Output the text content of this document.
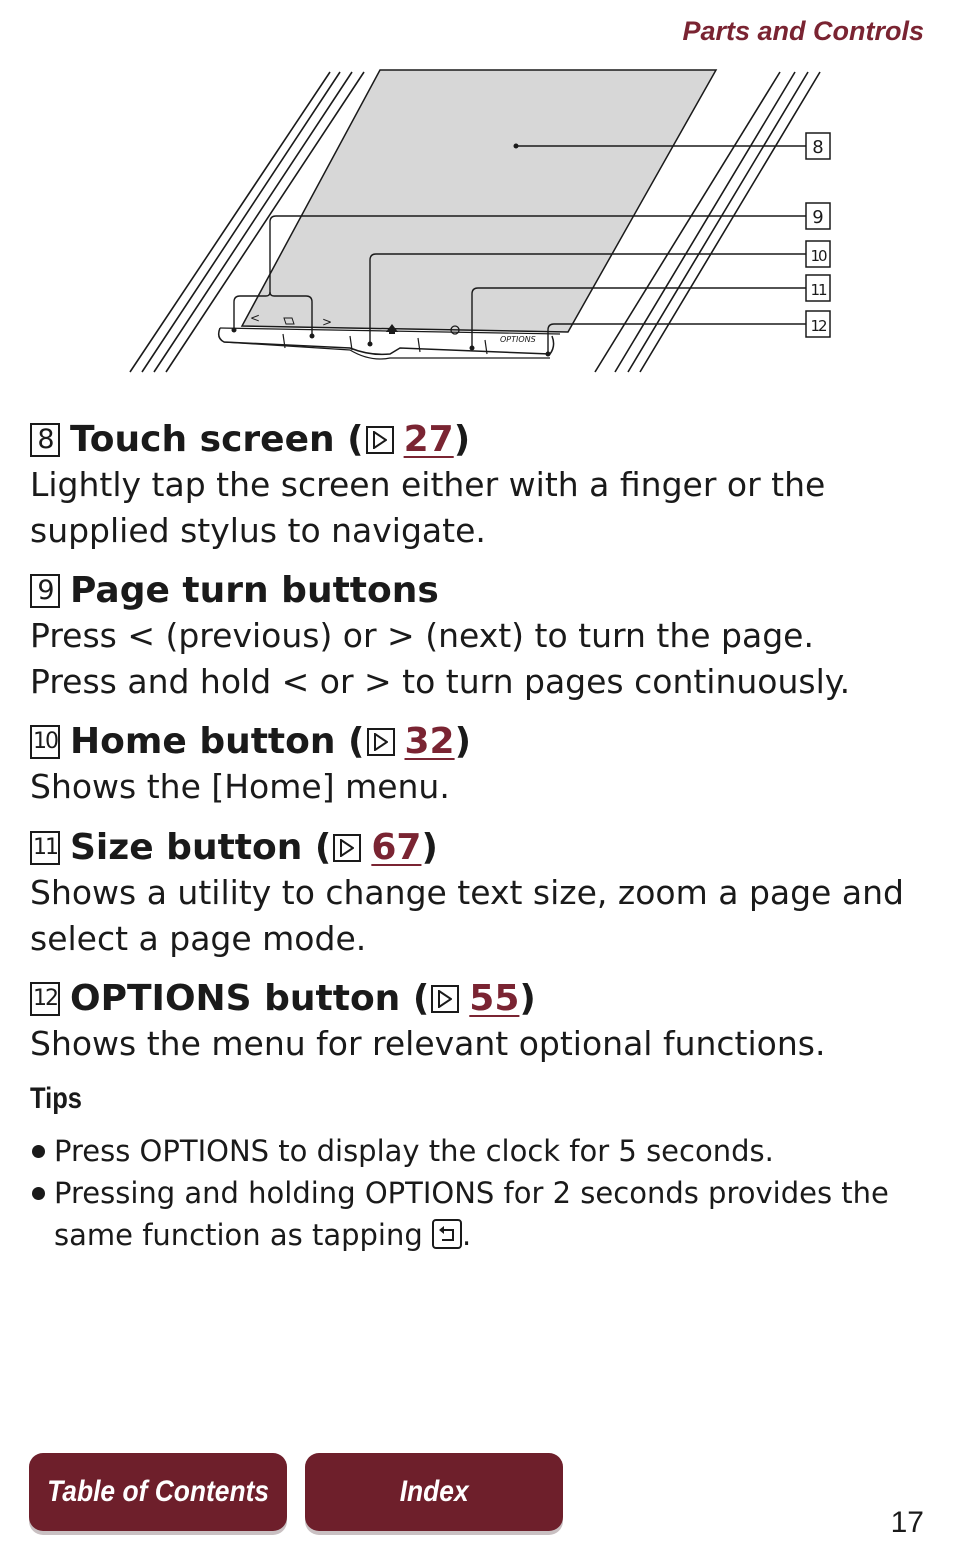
Parts and Controls
<	>
OPTIONS
8
9
10
11
12
8 Touch screen ( 27 )
Lightly tap the screen either with a finger or the
supplied stylus to navigate.
9 Page turn buttons
Press < (previous) or > (next) to turn the page.
Press and hold < or > to turn pages continuously.
10 Home button ( 32 )
Shows the [Home] menu.
11 Size button ( 67 )
Shows a utility to change text size, zoom a page and
select a page mode.
12 OPTIONS button ( 55 )
Shows the menu for relevant optional functions.
Tips
Press OPTIONS to display the clock for 5 seconds.
Pressing and holding OPTIONS for 2 seconds provides the
same function as tapping .
Table of Contents	Index
17
